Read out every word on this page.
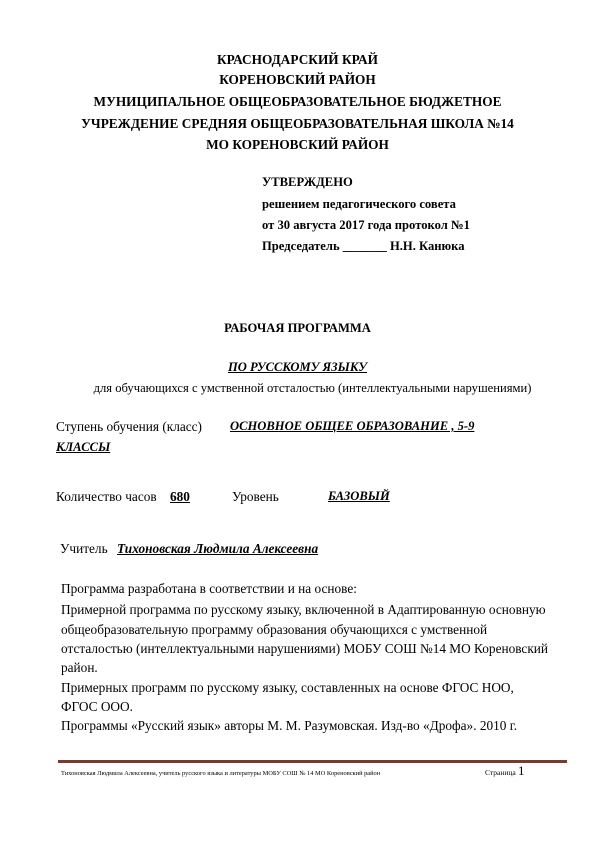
КРАСНОДАРСКИЙ КРАЙ
КОРЕНОВСКИЙ РАЙОН
МУНИЦИПАЛЬНОЕ ОБЩЕОБРАЗОВАТЕЛЬНОЕ БЮДЖЕТНОЕ
УЧРЕЖДЕНИЕ СРЕДНЯЯ ОБЩЕОБРАЗОВАТЕЛЬНАЯ ШКОЛА №14
МО КОРЕНОВСКИЙ РАЙОН
УТВЕРЖДЕНО
решением педагогического совета
от 30 августа 2017 года протокол №1
Председатель _______ Н.Н. Канюка
РАБОЧАЯ ПРОГРАММА
ПО РУССКОМУ ЯЗЫКУ
для обучающихся с умственной отсталостью (интеллектуальными нарушениями)
Ступень обучения (класс) ОСНОВНОЕ ОБЩЕЕ ОБРАЗОВАНИЕ , 5-9
КЛАССЫ
Количество часов 680	Уровень	БАЗОВЫЙ
Учитель Тихоновская Людмила Алексеевна
Программа разработана в соответствии и на основе:
Примерной программа по русскому языку, включенной в Адаптированную основную
общеобразовательную программу образования обучающихся с умственной
отсталостью (интеллектуальными нарушениями) МОБУ СОШ №14 МО Кореновский
район.
Примерных программ по русскому языку, составленных на основе ФГОС НОО,
ФГОС ООО.
Программы «Русский язык» авторы М. М. Разумовская. Изд-во «Дрофа». 2010 г.
Тихоновская Людмила Алексеевна, учитель русского языка и литературы МОБУ СОШ № 14 МО Кореновский район	Страница 1
